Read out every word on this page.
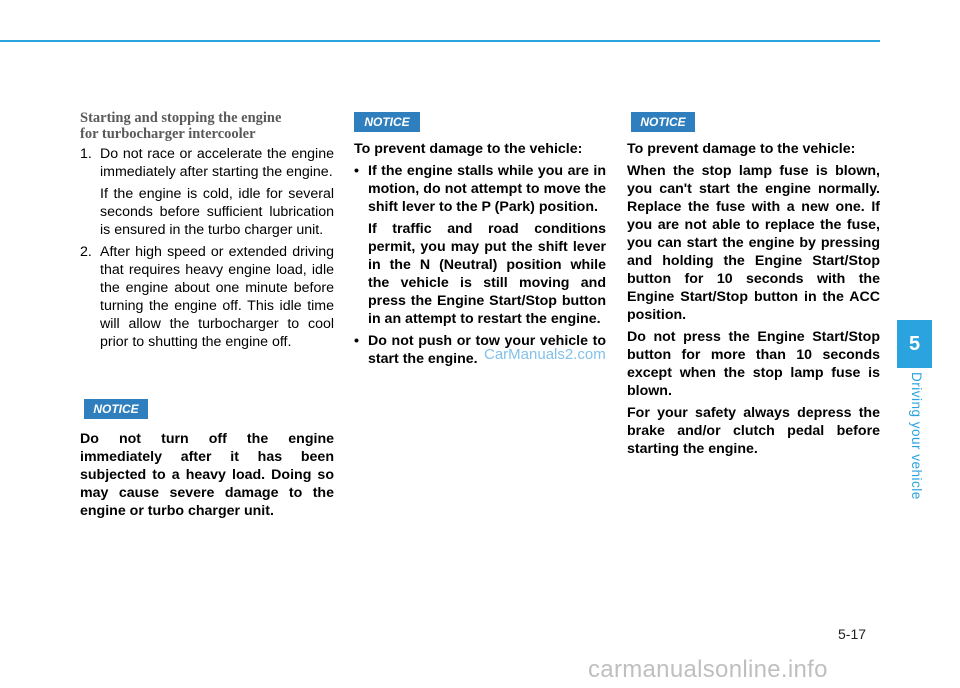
Starting and stopping the engine
for turbocharger intercooler
1. Do not race or accelerate the engine immediately after starting the engine.

If the engine is cold, idle for several seconds before sufficient lubrication is ensured in the turbo charger unit.

2. After high speed or extended driving that requires heavy engine load, idle the engine about one minute before turning the engine off. This idle time will allow the turbocharger to cool prior to shutting the engine off.

NOTICE

Do not turn off the engine immediately after it has been subjected to a heavy load. Doing so may cause severe damage to the engine or turbo charger unit.

NOTICE

To prevent damage to the vehicle:

• If the engine stalls while you are in motion, do not attempt to move the shift lever to the P (Park) position.

If traffic and road conditions permit, you may put the shift lever in the N (Neutral) position while the vehicle is still moving and press the Engine Start/Stop button in an attempt to restart the engine.

• Do not push or tow your vehicle to start the engine.

NOTICE

To prevent damage to the vehicle:

When the stop lamp fuse is blown, you can't start the engine normally. Replace the fuse with a new one. If you are not able to replace the fuse, you can start the engine by pressing and holding the Engine Start/Stop button for 10 seconds with the Engine Start/Stop button in the ACC position.

Do not press the Engine Start/Stop button for more than 10 seconds except when the stop lamp fuse is blown.

For your safety always depress the brake and/or clutch pedal before starting the engine.

5
Driving your vehicle
5-17
CarManuals2.com
carmanualsonline.info
